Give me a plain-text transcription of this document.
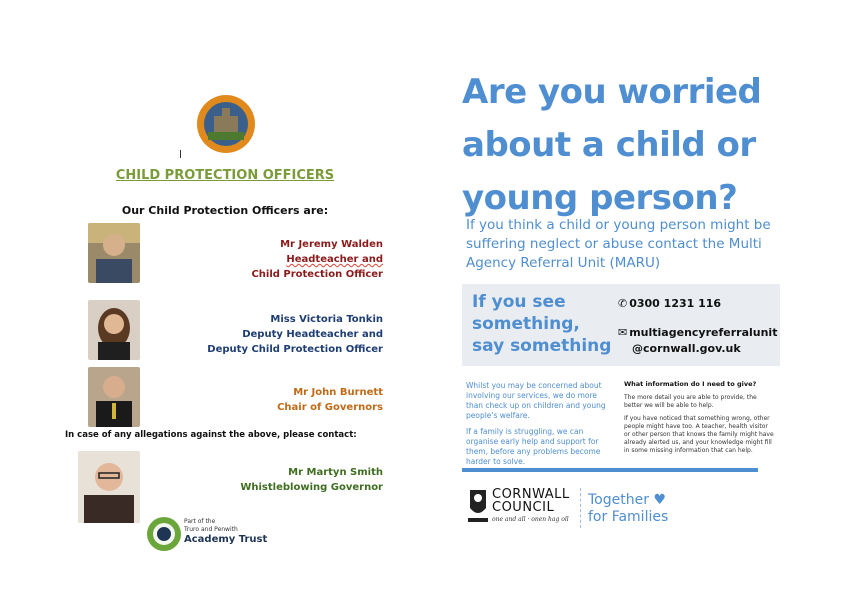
CHILD PROTECTION OFFICERS
Our Child Protection Officers are:
Mr Jeremy Walden
Headteacher and
Child Protection Officer
Miss Victoria Tonkin
Deputy Headteacher and
Deputy Child Protection Officer
Mr John Burnett
Chair of Governors
In case of any allegations against the above, please contact:
Mr Martyn Smith
Whistleblowing Governor
Part of the
Truro and Penwith
Academy Trust
Are you worried
about a child or
young person?
If you think a child or young person might be
suffering neglect or abuse contact the Multi
Agency Referral Unit (MARU)
If you see
something,
say something
✆ 0300 1231 116
✉ multiagencyreferralunit
@cornwall.gov.uk

Whilst you may be concerned about involving our services, we do more than check up on children and young people's welfare.

If a family is struggling, we can organise early help and support for them, before any problems become harder to solve.

What information do I need to give?

The more detail you are able to provide, the better we will be able to help.

If you have noticed that something wrong, other people might have too. A teacher, health visitor or other person that knows the family might have already alerted us, and your knowledge might fill in some missing information that can help.

CORNWALL
COUNCIL
one and all · onen hag oll
Together ♥
for Families
